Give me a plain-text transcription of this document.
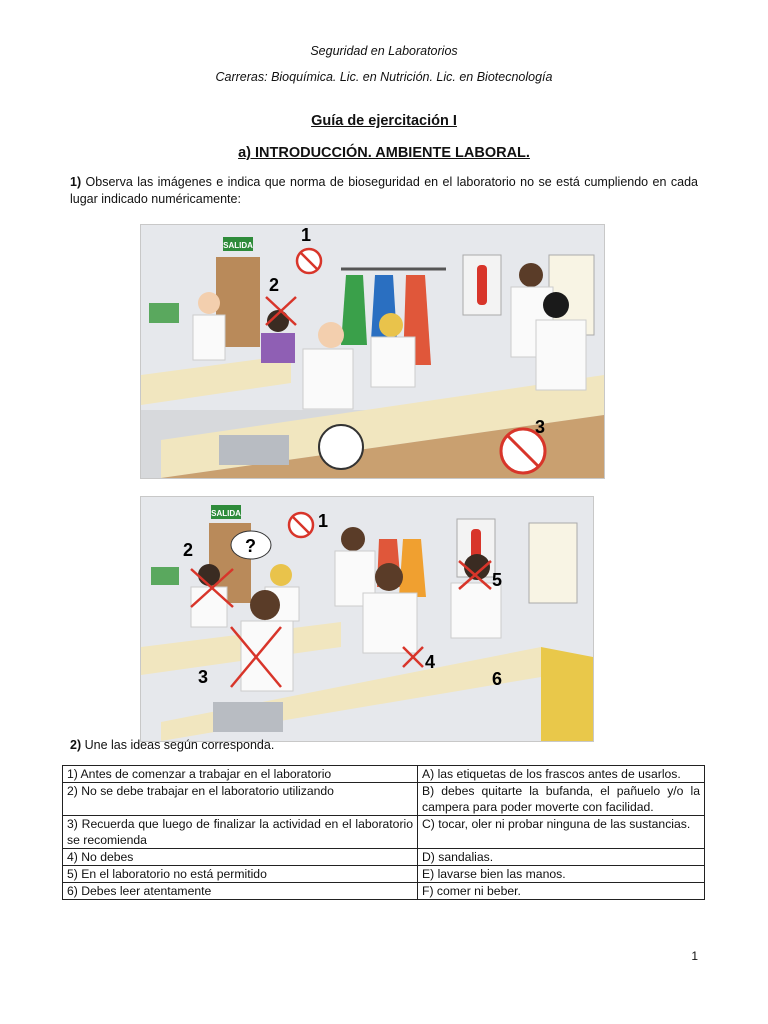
Seguridad en Laboratorios
Carreras: Bioquímica. Lic. en Nutrición. Lic. en Biotecnología
Guía de ejercitación I
a) INTRODUCCIÓN. AMBIENTE LABORAL.
1) Observa las imágenes e indica que norma de bioseguridad en el laboratorio no se está cumpliendo en cada lugar indicado numéricamente:
SALIDA
1
2
3
SALIDA
?
1
2
3
4
5
6
2) Une las ideas según corresponda.
1) Antes de comenzar a trabajar en el laboratorio	A) las etiquetas de los frascos antes de usarlos.
2) No se debe trabajar en el laboratorio utilizando	B) debes quitarte la bufanda, el pañuelo y/o la campera para poder moverte con facilidad.
3) Recuerda que luego de finalizar la actividad en el laboratorio se recomienda	C) tocar, oler ni probar ninguna de las sustancias.
4) No debes	D) sandalias.
5) En el laboratorio no está permitido	E) lavarse bien las manos.
6) Debes leer atentamente	F) comer ni beber.
1
